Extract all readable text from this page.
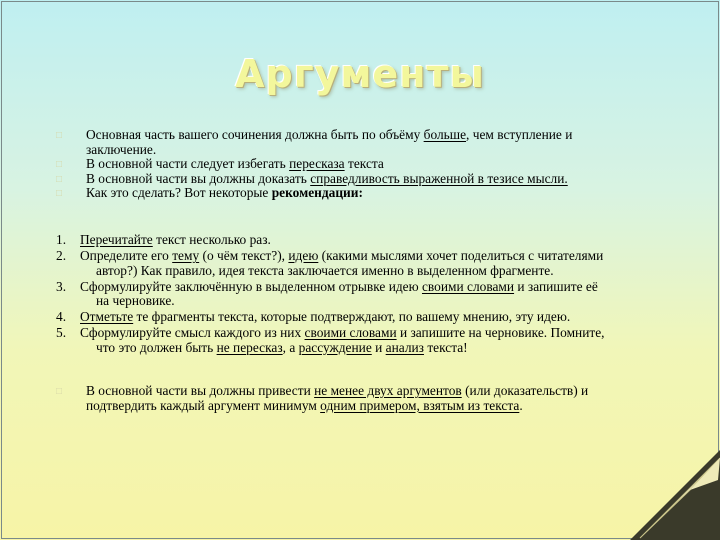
Аргументы
□ Основная часть вашего сочинения должна быть по объёму больше, чем вступление и
заключение.
□ В основной части следует избегать пересказа текста
□ В основной части вы должны доказать справедливость выраженной в тезисе мысли.
□ Как это сделать? Вот некоторые рекомендации:
1. Перечитайте текст несколько раз.
2. Определите его тему (о чём текст?), идею (какими мыслями хочет поделиться с читателями
автор?) Как правило, идея текста заключается именно в выделенном фрагменте.
3. Сформулируйте заключённую в выделенном отрывке идею своими словами и запишите её
на черновике.
4. Отметьте те фрагменты текста, которые подтверждают, по вашему мнению, эту идею.
5. Сформулируйте смысл каждого из них своими словами и запишите на черновике. Помните,
что это должен быть не пересказ, а рассуждение и анализ текста!
□ В основной части вы должны привести не менее двух аргументов (или доказательств) и
подтвердить каждый аргумент минимум одним примером, взятым из текста.
